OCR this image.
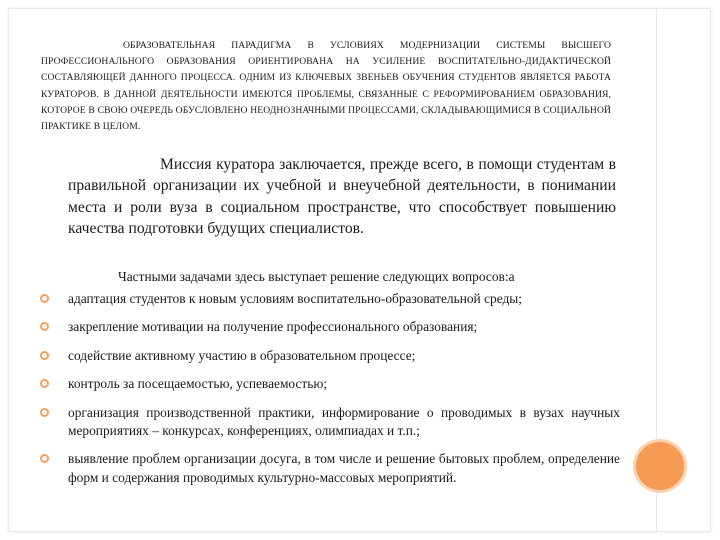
ОБРАЗОВАТЕЛЬНАЯ ПАРАДИГМА В УСЛОВИЯХ МОДЕРНИЗАЦИИ СИСТЕМЫ ВЫСШЕГО ПРОФЕССИОНАЛЬНОГО ОБРАЗОВАНИЯ ОРИЕНТИРОВАНА НА УСИЛЕНИЕ ВОСПИТАТЕЛЬНО-ДИДАКТИЧЕСКОЙ СОСТАВЛЯЮЩЕЙ ДАННОГО ПРОЦЕССА. ОДНИМ ИЗ КЛЮЧЕВЫХ ЗВЕНЬЕВ ОБУЧЕНИЯ СТУДЕНТОВ ЯВЛЯЕТСЯ РАБОТА КУРАТОРОВ. В ДАННОЙ ДЕЯТЕЛЬНОСТИ ИМЕЮТСЯ ПРОБЛЕМЫ, СВЯЗАННЫЕ С РЕФОРМИРОВАНИЕМ ОБРАЗОВАНИЯ, КОТОРОЕ В СВОЮ ОЧЕРЕДЬ ОБУСЛОВЛЕНО НЕОДНОЗНАЧНЫМИ ПРОЦЕССАМИ, СКЛАДЫВАЮЩИМИСЯ В СОЦИАЛЬНОЙ ПРАКТИКЕ В ЦЕЛОМ.
Миссия куратора заключается, прежде всего, в помощи студентам в правильной организации их учебной и внеучебной деятельности, в понимании места и роли вуза в социальном пространстве, что способствует повышению качества подготовки будущих специалистов.
Частными задачами здесь выступает решение следующих вопросов:а
адаптация студентов к новым условиям воспитательно-образовательной среды;
закрепление мотивации на получение профессионального образования;
содействие активному участию в образовательном процессе;
контроль за посещаемостью, успеваемостью;
организация производственной практики, информирование о проводимых в вузах научных мероприятиях – конкурсах, конференциях, олимпиадах и т.п.;
выявление проблем организации досуга, в том числе и решение бытовых проблем, определение форм и содержания проводимых культурно-массовых мероприятий.
